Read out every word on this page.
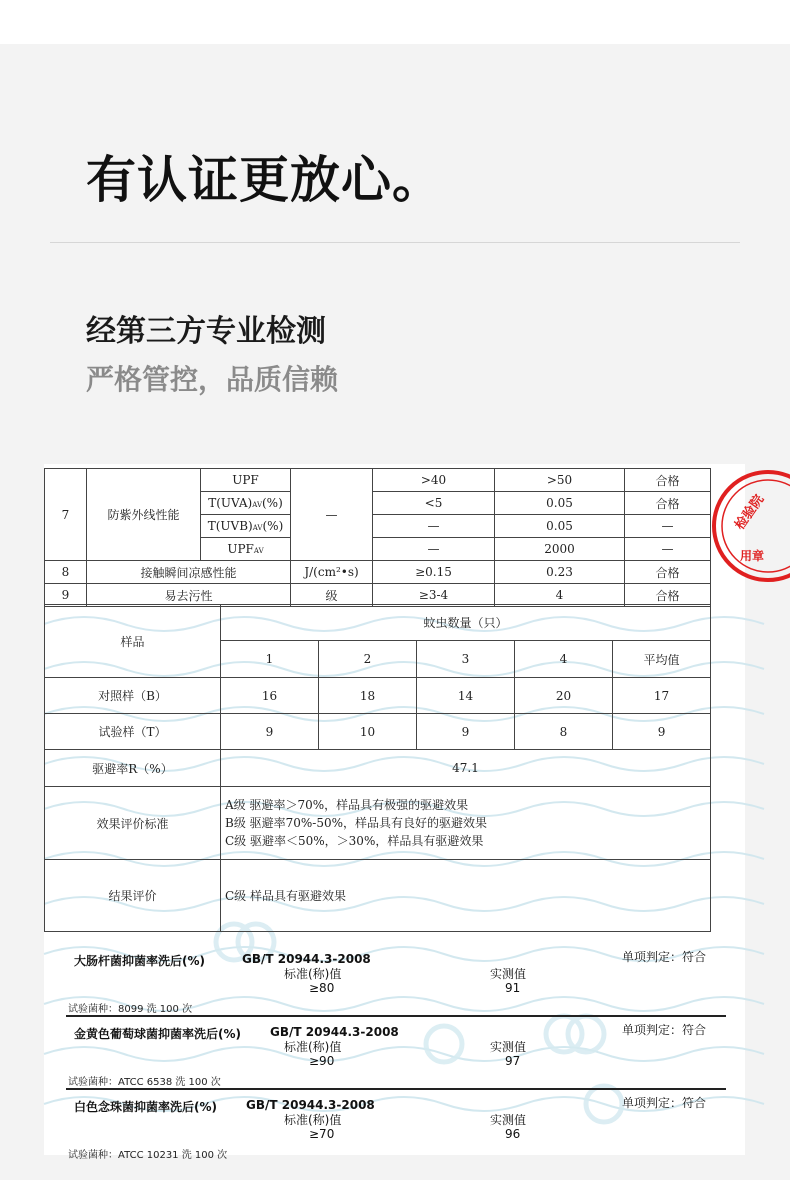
有认证更放心。
经第三方专业检测
严格管控，品质信赖
检验院
用章
7	防紫外线性能	UPF	—	>40	>50	合格
		T(UVA)AV(%)		<5	0.05	合格
		T(UVB)AV(%)		—	0.05	—
		UPFAV		—	2000	—
8	接触瞬间凉感性能		J/(cm²•s)	≥0.15	0.23	合格
9	易去污性		级	≥3-4	4	合格
样品	蚊虫数量（只）				
	1	2	3	4	平均值
对照样（B）	16	18	14	20	17
试验样（T）	9	10	9	8	9
驱避率R（%）	47.1				
效果评价标准	A级 驱避率＞70%，样品具有极强的驱避效果
B级 驱避率70%-50%，样品具有良好的驱避效果
C级 驱避率＜50%，＞30%，样品具有驱避效果				

结果评价	C级 样品具有驱避效果				
大肠杆菌抑菌率洗后(%)	GB/T 20944.3-2008	单项判定：符合
标准(称)值	实测值
≥80	91
试验菌种：8099 洗 100 次
金黄色葡萄球菌抑菌率洗后(%) GB/T 20944.3-2008	单项判定：符合
标准(称)值	实测值
≥90	97
试验菌种：ATCC 6538 洗 100 次
白色念珠菌抑菌率洗后(%) GB/T 20944.3-2008	单项判定：符合
标准(称)值	实测值
≥70	96
试验菌种：ATCC 10231 洗 100 次
